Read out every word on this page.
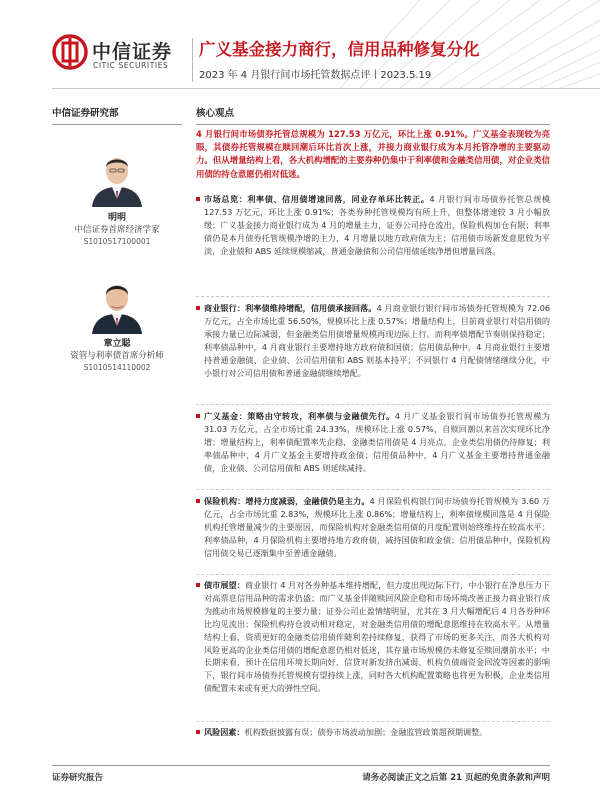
中信证券
CITIC SECURITIES
广义基金接力商行，信用品种修复分化
2023 年 4 月银行间市场托管数据点评丨2023.5.19
中信证券研究部
明明
中信证券首席经济学家
S1010517100001
章立聪
资管与利率债首席分析师
S1010514110002
核心观点
4 月银行间市场债券托管总规模为 127.53 万亿元，环比上涨 0.91%。广义基金表现较为亮眼，其债券托管规模在赎回潮后环比首次上涨，并接力商业银行成为本月托管净增的主要驱动力。但从增量结构上看，各大机构增配的主要券种仍集中于利率债和金融类信用债，对企业类信用债的持仓意愿仍相对低迷。
市场总览：利率债、信用债增速回落，同业存单环比转正。4 月银行间市场债券托管总规模 127.53 万亿元，环比上涨 0.91%；各类券种托管规模均有所上升，但整体增速较 3 月小幅放缓；广义基金接力商业银行成为 4 月的增量主力，证券公司持仓流出，保险机构加仓有限；利率债仍是本月债券托管规模净增的主力，4 月增量以地方政府债为主；信用债市场新发意愿较为平淡，企业债和 ABS 延续规模缩减，普通金融债和公司信用债延续净增但增量回落。
商业银行：利率债维持增配，信用债承接回落。4 月商业银行银行间市场债券托管规模为 72.06 万亿元，占全市场比重 56.50%，规模环比上涨 0.57%；增量结构上，目前商业银行对信用债的承接力量已边际减弱，但金融类信用债增量规模再现边际上行。而利率债增配节奏则保持稳定；利率债品种中，4 月商业银行主要增持地方政府债和国债；信用债品种中，4 月商业银行主要增持普通金融债、企业债、公司信用债和 ABS 则基本持平；不同银行 4 月配债情绪继续分化，中小银行对公司信用债和普通金融债继续增配。
广义基金：策略由守转攻，利率债与金融债先行。4 月广义基金银行间市场债券托管规模为 31.03 万亿元，占全市场比重 24.33%，规模环比上涨 0.57%，自赎回潮以来首次实现环比净增；增量结构上，利率债配置率先企稳，金融类信用债是 4 月亮点，企业类信用债仍待修复；利率债品种中，4 月广义基金主要增持政金债；信用债品种中，4 月广义基金主要增持普通金融债，企业债、公司信用债和 ABS 则延续减持。
保险机构：增持力度减弱，金融债仍是主力。4 月保险机构银行间市场债券托管规模为 3.60 万亿元，占全市场比重 2.83%，规模环比上涨 0.86%；增量结构上，利率债规模回落是 4 月保险机构托管增量减少的主要原因，而保险机构对金融类信用债的月度配置则始终维持在较高水平；利率债品种，4 月保险机构主要增持地方政府债，减持国债和政金债；信用债品种中，保险机构信用债交易已逐渐集中至普通金融债。
债市展望：商业银行 4 月对各券种基本维持增配，但力度出现边际下行，中小银行在净息压力下对高票息信用品种的需求仍盛；而广义基金伴随赎回风险企稳和市场环境改善正接力商业银行成为推动市场规模修复的主要力量；证券公司止盈情绪明显，尤其在 3 月大幅增配后 4 月各券种环比均见流出；保险机构持仓波动相对稳定，对金融类信用债的增配意愿维持在较高水平。从增量结构上看，资质更好的金融类信用债伴随利差持续修复，获得了市场的更多关注，而各大机构对风险更高的企业类信用债的增配意愿仍相对低迷，其存量市场规模仍未修复至赎回潮前水平；中长期来看，预计在信用环境长期向好、信贷对新发挤出减弱、机构负债端资金回流等因素的影响下，银行间市场债券托管规模有望持续上涨，同时各大机构配置策略也将更为积极，企业类信用债配置未来或有更大的弹性空间。
风险因素：机构数据披露有误；债券市场波动加剧；金融监管政策超预期调整。
证券研究报告	请务必阅读正文之后第 21 页起的免责条款和声明
